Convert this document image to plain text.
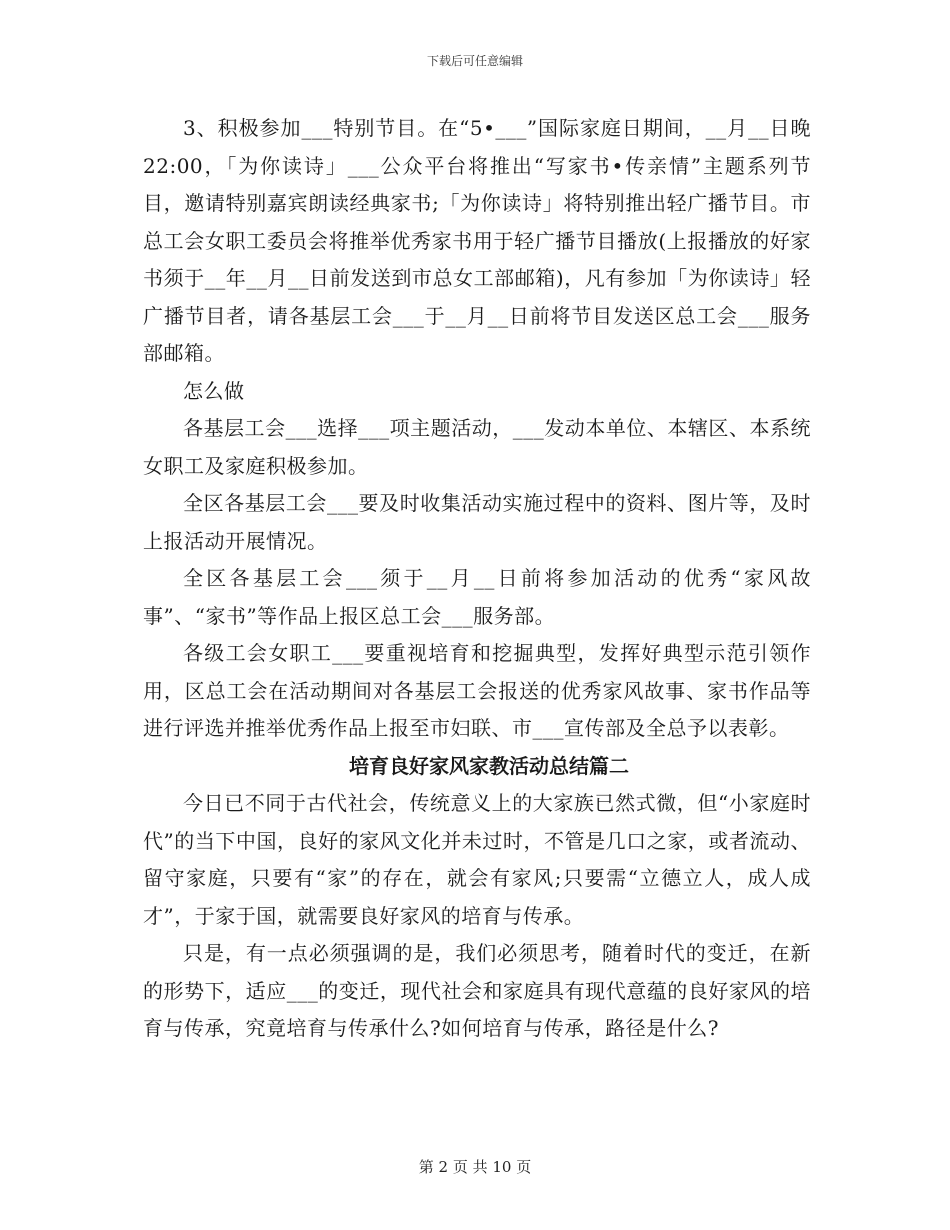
下载后可任意编辑

3、积极参加___特别节目。在“5•___”国际家庭日期间，__月__日晚22:00，「为你读诗」___公众平台将推出“写家书•传亲情”主题系列节目，邀请特别嘉宾朗读经典家书;「为你读诗」将特别推出轻广播节目。市总工会女职工委员会将推举优秀家书用于轻广播节目播放(上报播放的好家书须于__年__月__日前发送到市总女工部邮箱)，凡有参加「为你读诗」轻广播节目者，请各基层工会___于__月__日前将节目发送区总工会___服务部邮箱。

怎么做

各基层工会___选择___项主题活动，___发动本单位、本辖区、本系统女职工及家庭积极参加。

全区各基层工会___要及时收集活动实施过程中的资料、图片等，及时上报活动开展情况。

全区各基层工会___须于__月__日前将参加活动的优秀“家风故事”、“家书”等作品上报区总工会___服务部。

各级工会女职工___要重视培育和挖掘典型，发挥好典型示范引领作用，区总工会在活动期间对各基层工会报送的优秀家风故事、家书作品等进行评选并推举优秀作品上报至市妇联、市___宣传部及全总予以表彰。

培育良好家风家教活动总结篇二

今日已不同于古代社会，传统意义上的大家族已然式微，但“小家庭时代”的当下中国，良好的家风文化并未过时，不管是几口之家，或者流动、留守家庭，只要有“家”的存在，就会有家风;只要需“立德立人，成人成才”，于家于国，就需要良好家风的培育与传承。

只是，有一点必须强调的是，我们必须思考，随着时代的变迁，在新的形势下，适应___的变迁，现代社会和家庭具有现代意蕴的良好家风的培育与传承，究竟培育与传承什么?如何培育与传承，路径是什么?

第 2 页 共 10 页
